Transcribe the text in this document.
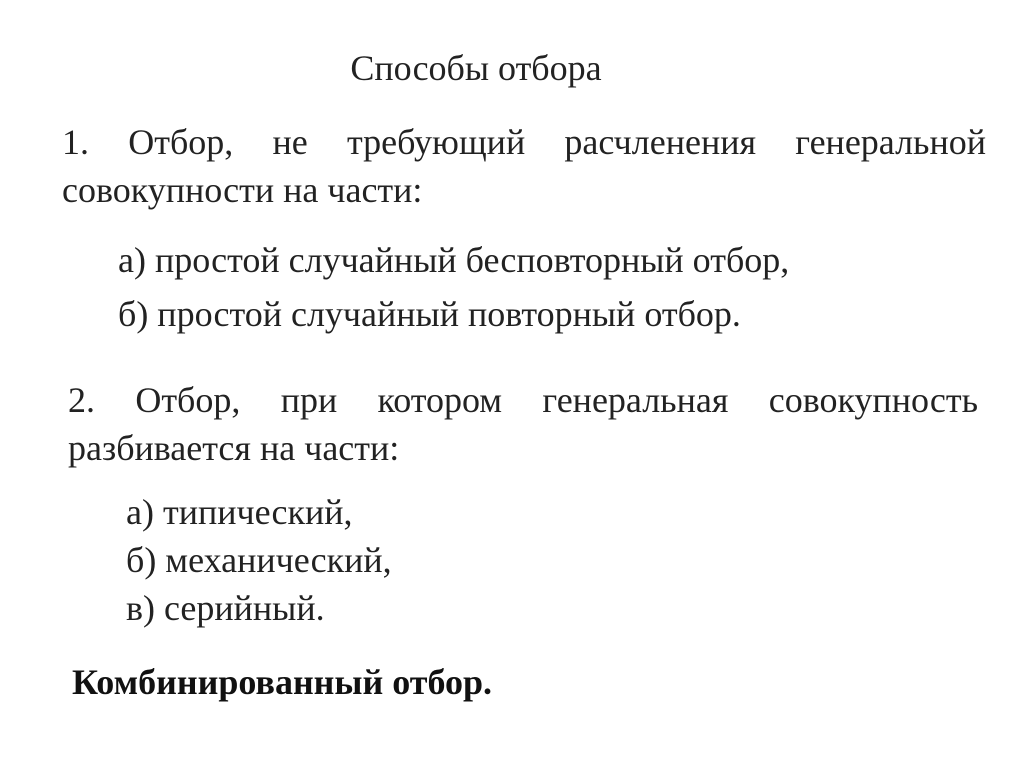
Способы отбора
1. Отбор, не требующий расчленения генеральной совокупности на части:
а) простой случайный бесповторный отбор,
б) простой случайный повторный отбор.
2. Отбор, при котором генеральная совокупность разбивается на части:
а) типический,
б) механический,
в) серийный.
Комбинированный отбор.
